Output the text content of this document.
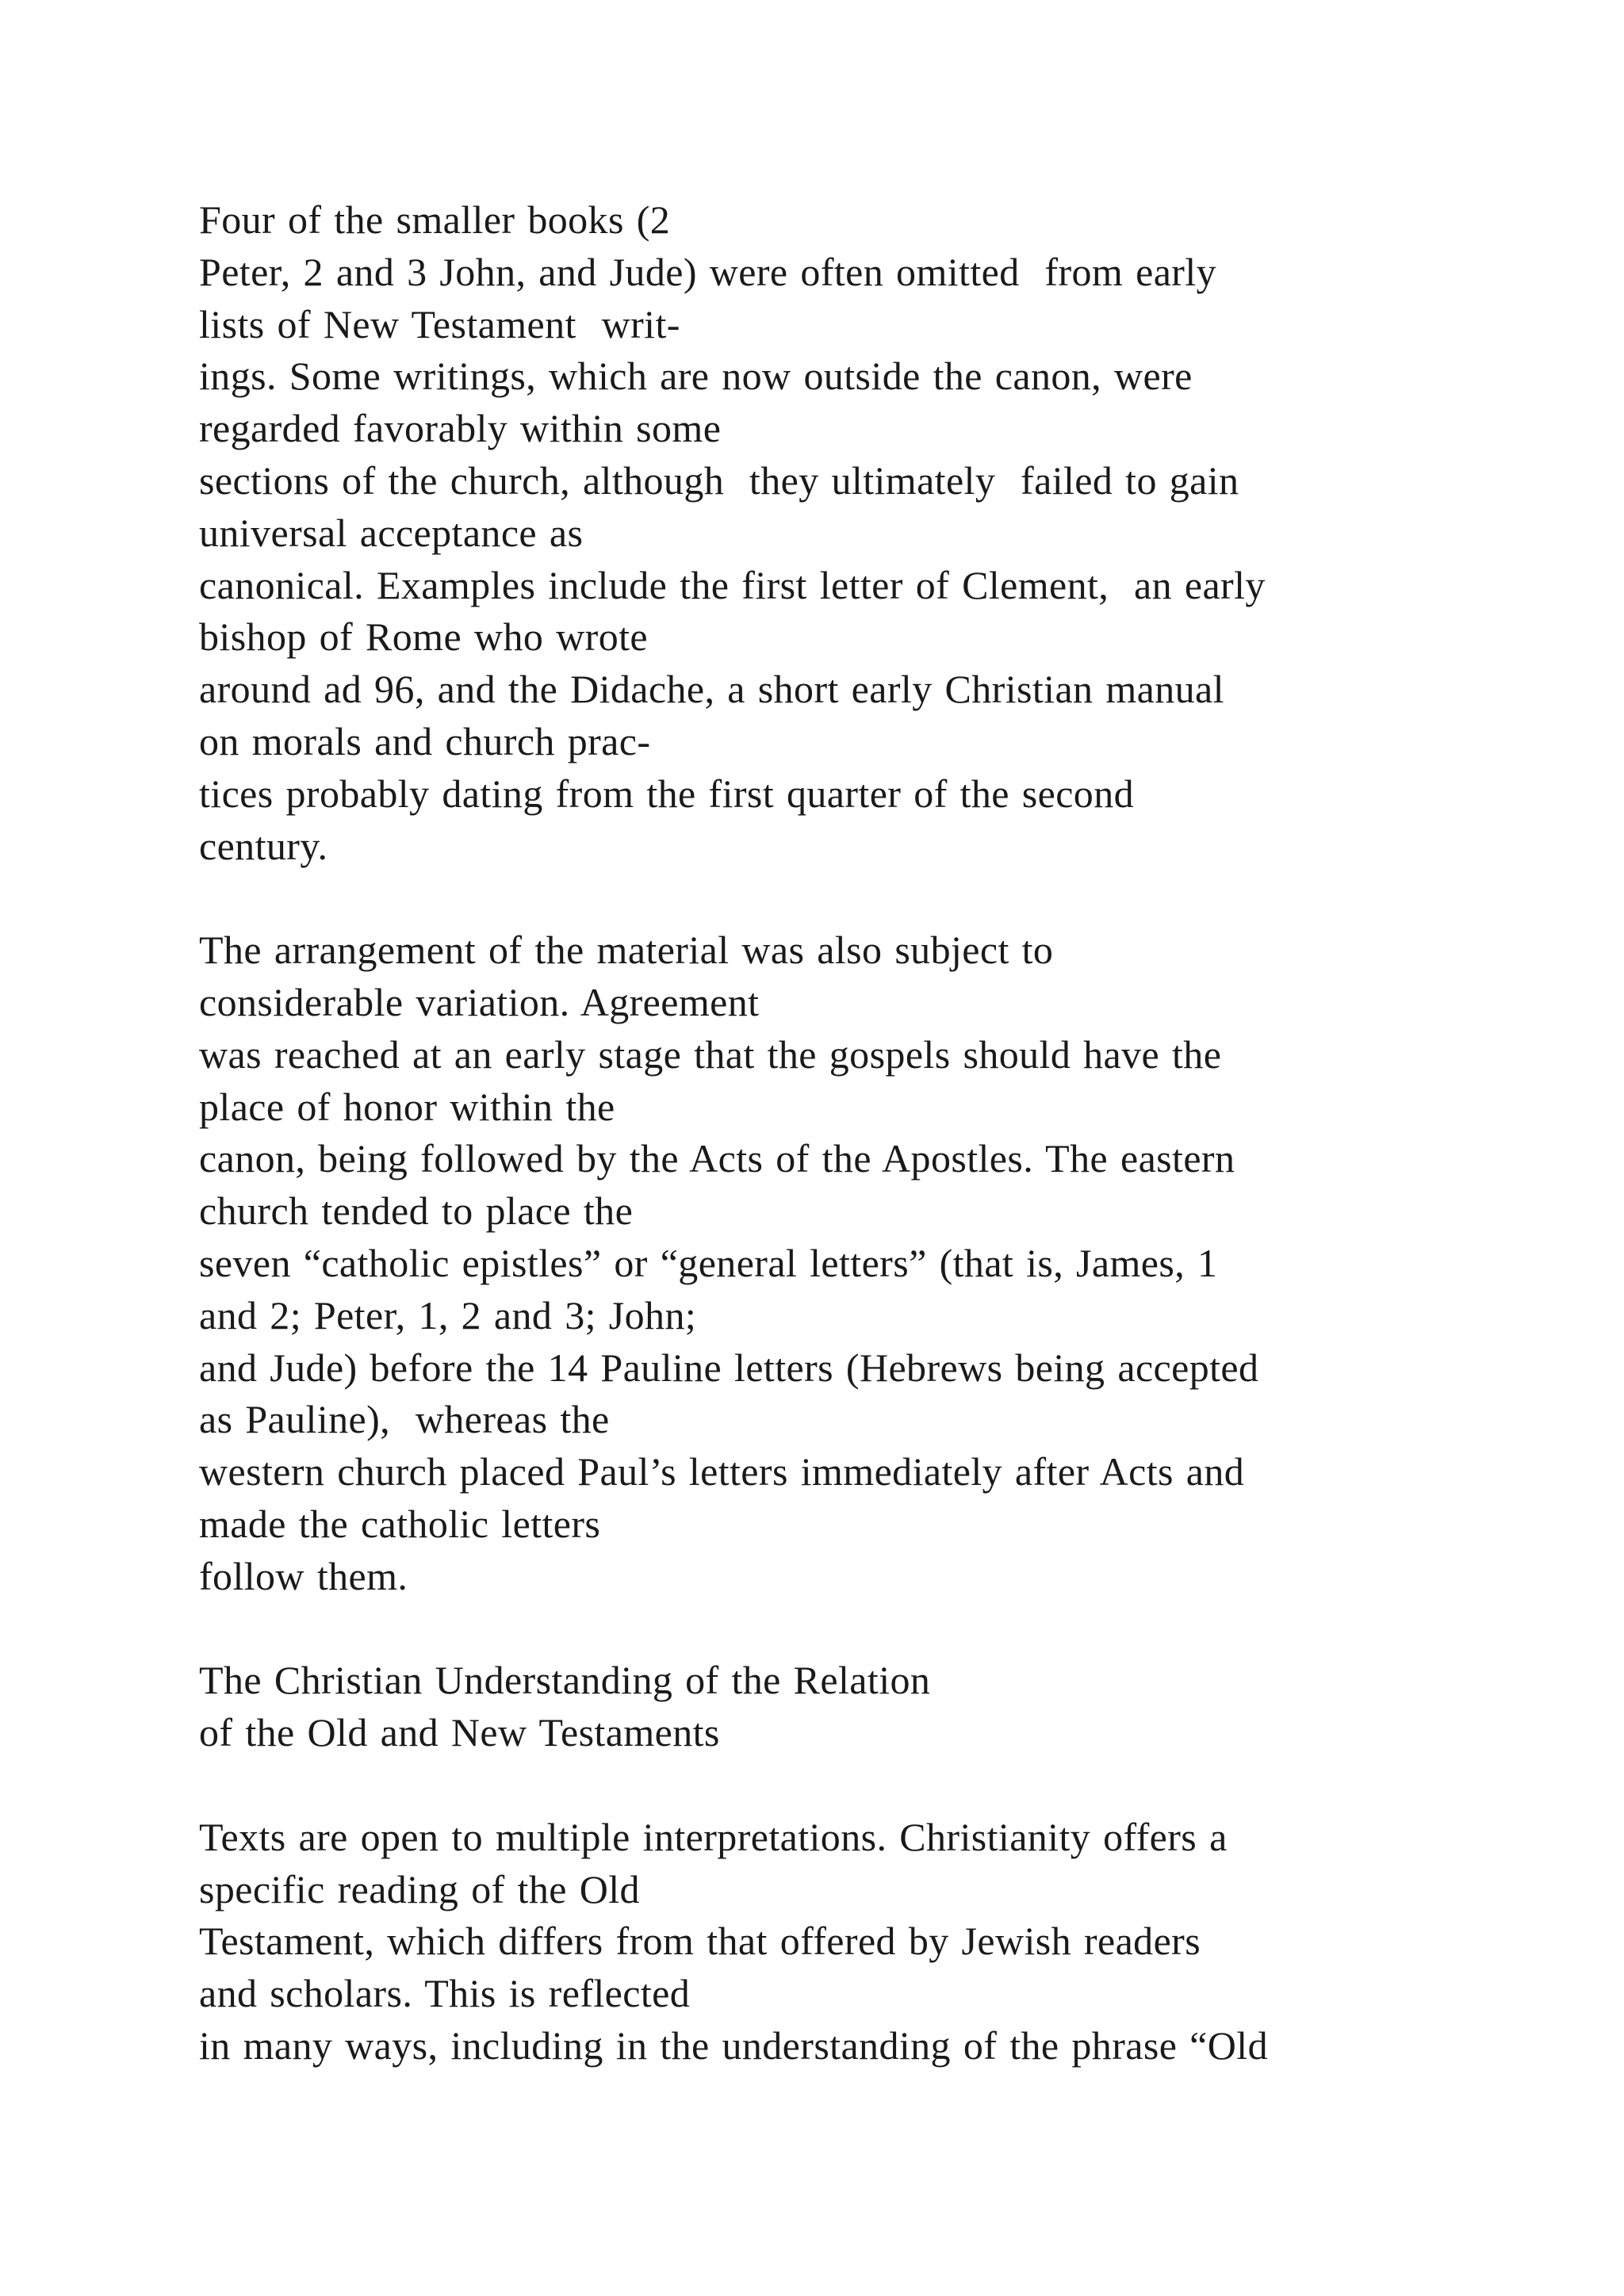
Four of the smaller books (2
Peter, 2 and 3 John, and Jude) were often omitted  from early
lists of New Testament  writ-
ings. Some writings, which are now outside the canon, were
regarded favorably within some
sections of the church, although  they ultimately  failed to gain
universal acceptance as
canonical. Examples include the first letter of Clement,  an early
bishop of Rome who wrote
around ad 96, and the Didache, a short early Christian manual
on morals and church prac-
tices probably dating from the first quarter of the second
century.
The arrangement of the material was also subject to
considerable variation. Agreement
was reached at an early stage that the gospels should have the
place of honor within the
canon, being followed by the Acts of the Apostles. The eastern
church tended to place the
seven “catholic epistles” or “general letters” (that is, James, 1
and 2; Peter, 1, 2 and 3; John;
and Jude) before the 14 Pauline letters (Hebrews being accepted
as Pauline),  whereas the
western church placed Paul’s letters immediately after Acts and
made the catholic letters
follow them.
The Christian Understanding of the Relation
of the Old and New Testaments
Texts are open to multiple interpretations. Christianity offers a
specific reading of the Old
Testament, which differs from that offered by Jewish readers
and scholars. This is reflected
in many ways, including in the understanding of the phrase “Old
